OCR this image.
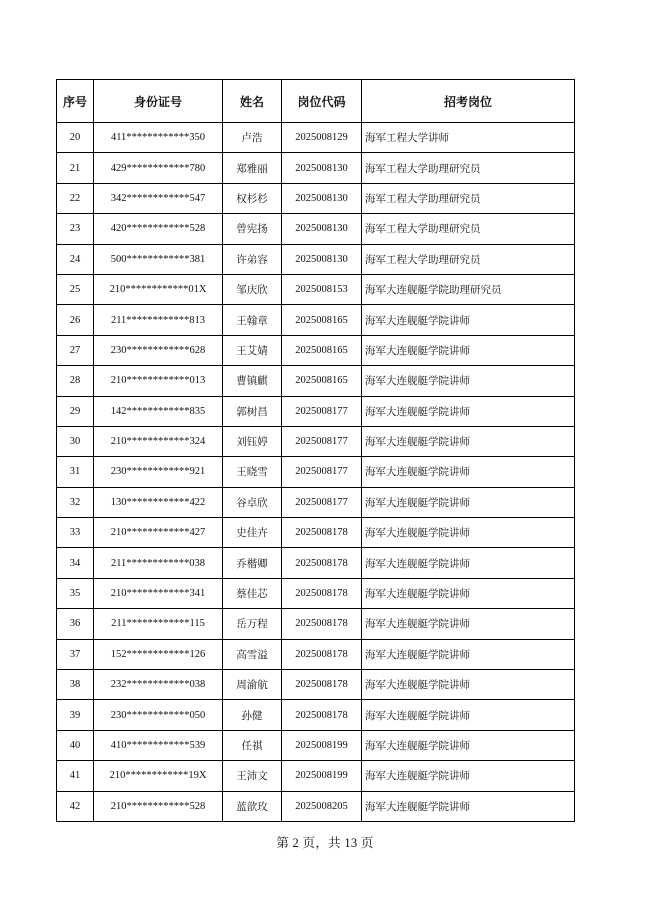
序号	身份证号	姓名	岗位代码	招考岗位
20	411************350	卢浩	2025008129	海军工程大学讲师
21	429************780	郑雅丽	2025008130	海军工程大学助理研究员
22	342************547	权杉杉	2025008130	海军工程大学助理研究员
23	420************528	曾宪扬	2025008130	海军工程大学助理研究员
24	500************381	许弟容	2025008130	海军工程大学助理研究员
25	210************01X	邹庆欣	2025008153	海军大连舰艇学院助理研究员
26	211************813	王翰章	2025008165	海军大连舰艇学院讲师
27	230************628	王艾婧	2025008165	海军大连舰艇学院讲师
28	210************013	曹镇麒	2025008165	海军大连舰艇学院讲师
29	142************835	郭树昌	2025008177	海军大连舰艇学院讲师
30	210************324	刘钰婷	2025008177	海军大连舰艇学院讲师
31	230************921	王晓雪	2025008177	海军大连舰艇学院讲师
32	130************422	谷卓欣	2025008177	海军大连舰艇学院讲师
33	210************427	史佳卉	2025008178	海军大连舰艇学院讲师
34	211************038	乔楷卿	2025008178	海军大连舰艇学院讲师
35	210************341	蔡佳芯	2025008178	海军大连舰艇学院讲师
36	211************115	岳万程	2025008178	海军大连舰艇学院讲师
37	152************126	高雪溢	2025008178	海军大连舰艇学院讲师
38	232************038	周渝航	2025008178	海军大连舰艇学院讲师
39	230************050	孙健	2025008178	海军大连舰艇学院讲师
40	410************539	任祺	2025008199	海军大连舰艇学院讲师
41	210************19X	王沛文	2025008199	海军大连舰艇学院讲师
42	210************528	蓝歆玫	2025008205	海军大连舰艇学院讲师
第 2 页，共 13 页
